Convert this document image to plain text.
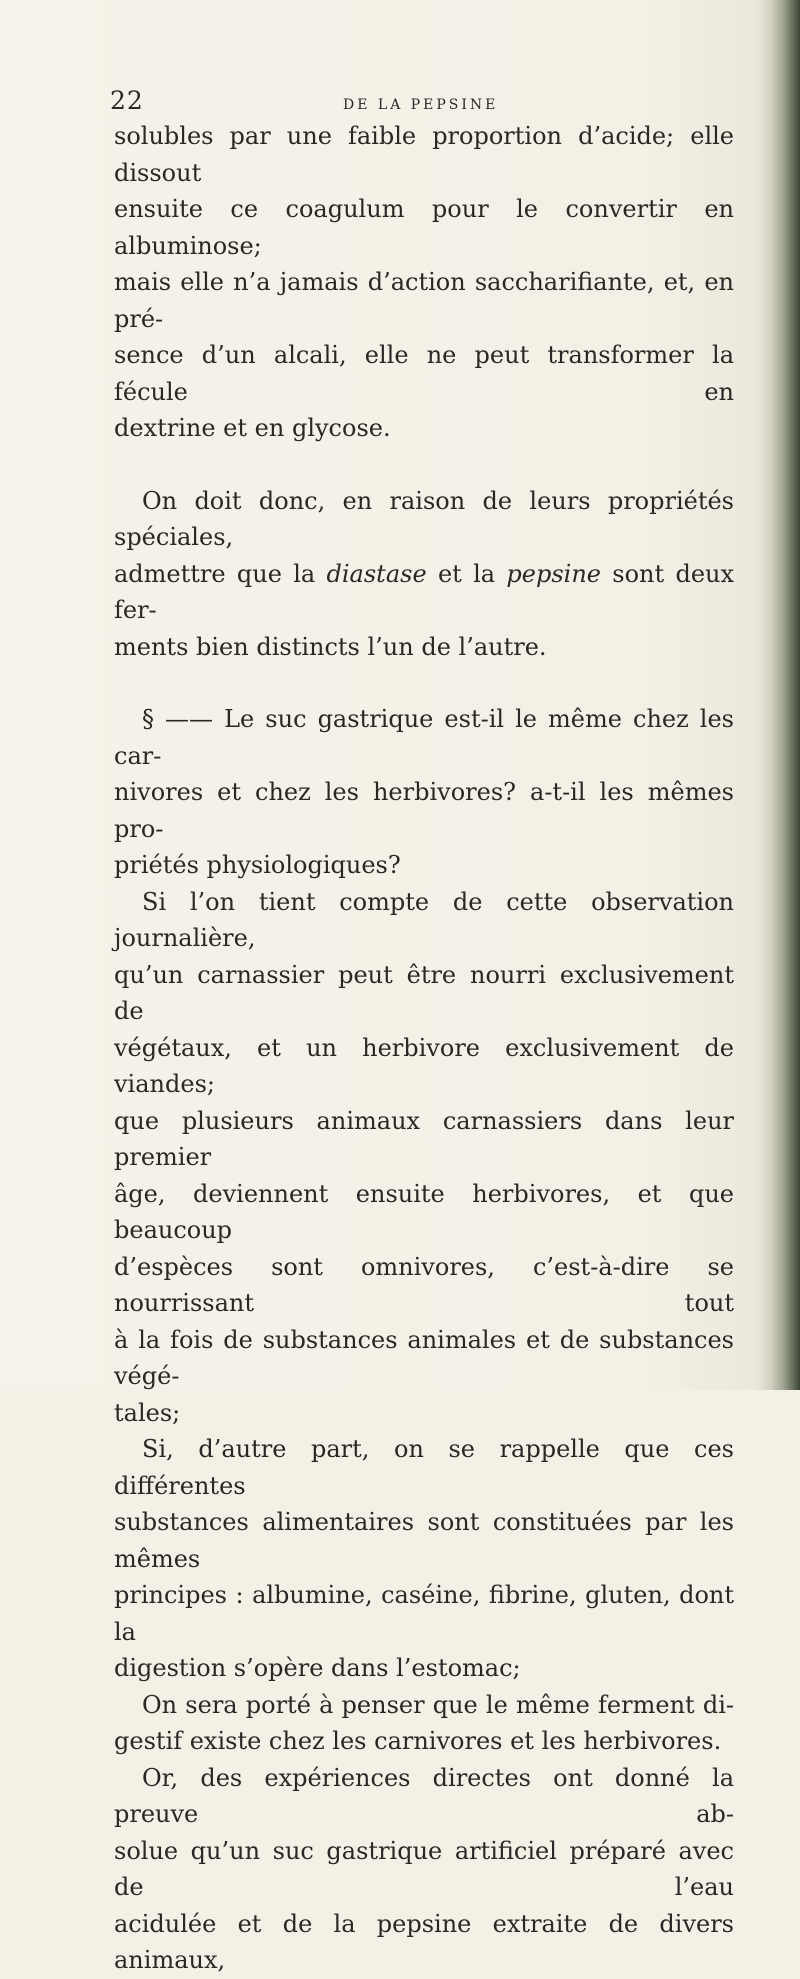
22	DE LA PEPSINE

solubles par une faible proportion d’acide; elle dissout

ensuite ce coagulum pour le convertir en albuminose;

mais elle n’a jamais d’action saccharifiante, et, en pré-

sence d’un alcali, elle ne peut transformer la fécule en

dextrine et en glycose.

On doit donc, en raison de leurs propriétés spéciales,

admettre que la diastase et la pepsine sont deux fer-

ments bien distincts l’un de l’autre.

§ —— Le suc gastrique est-il le même chez les car-

nivores et chez les herbivores? a-t-il les mêmes pro-

priétés physiologiques?

Si l’on tient compte de cette observation journalière,

qu’un carnassier peut être nourri exclusivement de

végétaux, et un herbivore exclusivement de viandes;

que plusieurs animaux carnassiers dans leur premier

âge, deviennent ensuite herbivores, et que beaucoup

d’espèces sont omnivores, c’est-à-dire se nourrissant tout

à la fois de substances animales et de substances végé-

tales;

Si, d’autre part, on se rappelle que ces différentes

substances alimentaires sont constituées par les mêmes

principes : albumine, caséine, fibrine, gluten, dont la

digestion s’opère dans l’estomac;

On sera porté à penser que le même ferment di-

gestif existe chez les carnivores et les herbivores.

Or, des expériences directes ont donné la preuve ab-

solue qu’un suc gastrique artificiel préparé avec de l’eau

acidulée et de la pepsine extraite de divers animaux,
